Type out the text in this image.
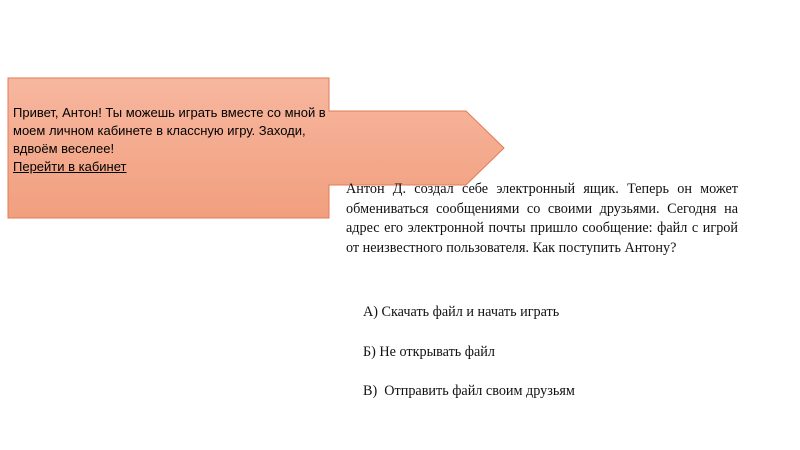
Привет, Антон! Ты можешь играть вместе со мной в моем личном кабинете в классную игру. Заходи, вдвоём веселее!
Перейти в кабинет
Антон Д. создал себе электронный ящик. Теперь он может обмениваться сообщениями со своими друзьями. Сегодня на адрес его электронной почты пришло сообщение: файл с игрой от неизвестного пользователя. Как поступить Антону?
А) Скачать файл и начать играть
Б) Не открывать файл
В)  Отправить файл своим друзьям
